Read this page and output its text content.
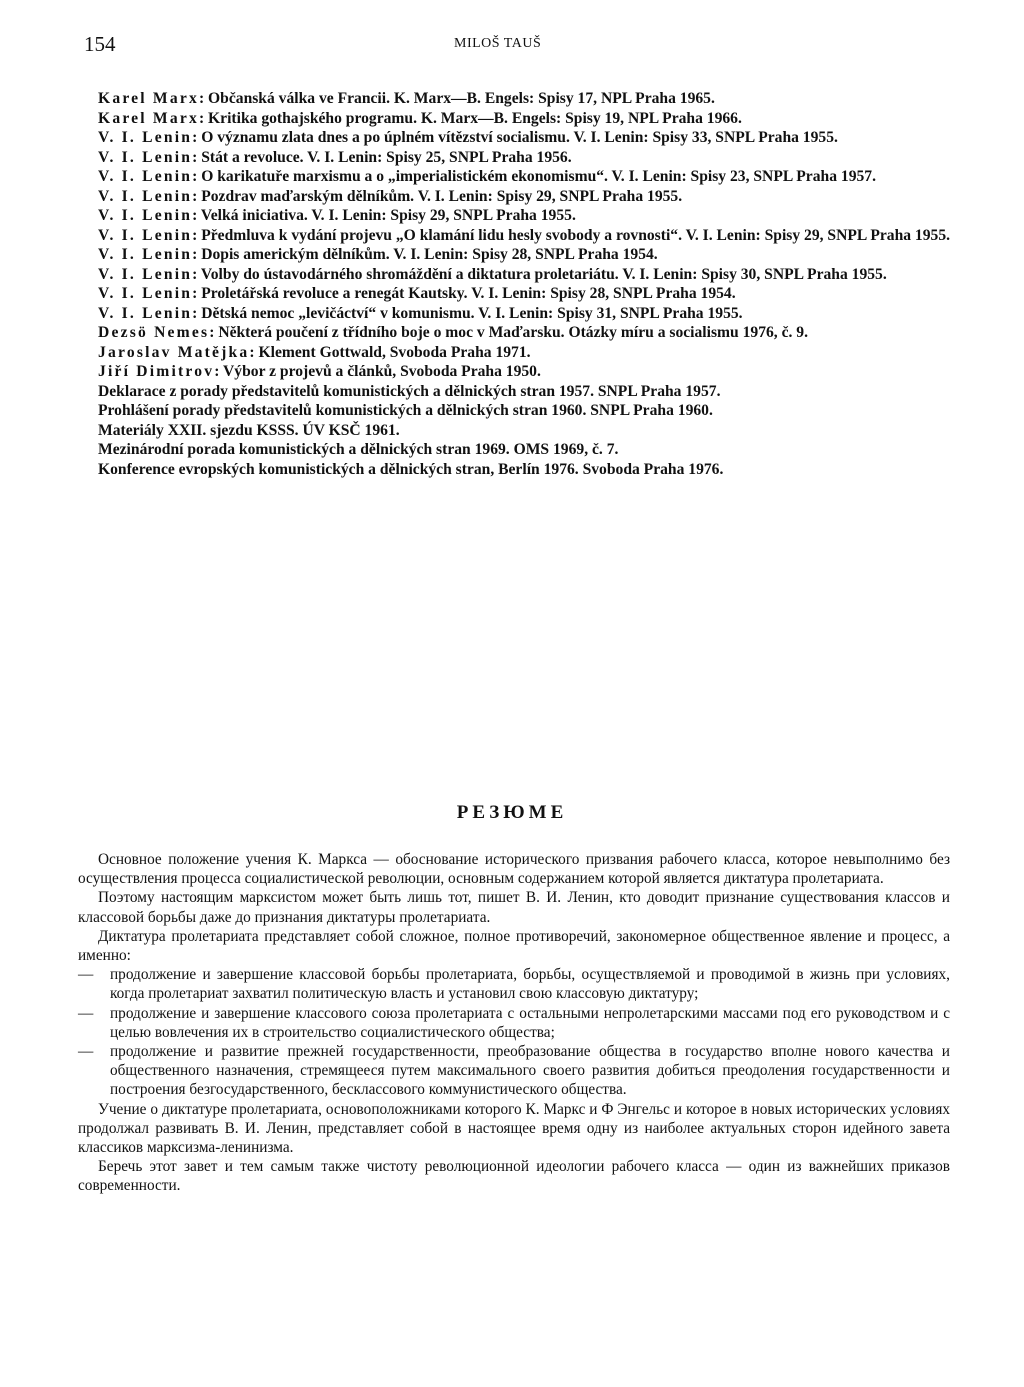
154	MILOŠ TAUŠ

Karel Marx: Občanská válka ve Francii. K. Marx—B. Engels: Spisy 17, NPL Praha 1965.

Karel Marx: Kritika gothajského programu. K. Marx—B. Engels: Spisy 19, NPL Praha 1966.

V. I. Lenin: O významu zlata dnes a po úplném vítězství socialismu. V. I. Lenin: Spisy 33, SNPL Praha 1955.

V. I. Lenin: Stát a revoluce. V. I. Lenin: Spisy 25, SNPL Praha 1956.

V. I. Lenin: O karikatuře marxismu a o „imperialistickém ekonomismu“. V. I. Lenin: Spisy 23, SNPL Praha 1957.

V. I. Lenin: Pozdrav maďarským dělníkům. V. I. Lenin: Spisy 29, SNPL Praha 1955.

V. I. Lenin: Velká iniciativa. V. I. Lenin: Spisy 29, SNPL Praha 1955.

V. I. Lenin: Předmluva k vydání projevu „O klamání lidu hesly svobody a rovnosti“. V. I. Lenin: Spisy 29, SNPL Praha 1955.

V. I. Lenin: Dopis americkým dělníkům. V. I. Lenin: Spisy 28, SNPL Praha 1954.

V. I. Lenin: Volby do ústavodárného shromáždění a diktatura proletariátu. V. I. Lenin: Spisy 30, SNPL Praha 1955.

V. I. Lenin: Proletářská revoluce a renegát Kautsky. V. I. Lenin: Spisy 28, SNPL Praha 1954.

V. I. Lenin: Dětská nemoc „levičáctví“ v komunismu. V. I. Lenin: Spisy 31, SNPL Praha 1955.

Dezsö Nemes: Některá poučení z třídního boje o moc v Maďarsku. Otázky míru a socialismu 1976, č. 9.

Jaroslav Matějka: Klement Gottwald, Svoboda Praha 1971.

Jiří Dimitrov: Výbor z projevů a článků, Svoboda Praha 1950.

Deklarace z porady představitelů komunistických a dělnických stran 1957. SNPL Praha 1957.

Prohlášení porady představitelů komunistických a dělnických stran 1960. SNPL Praha 1960.

Materiály XXII. sjezdu KSSS. ÚV KSČ 1961.

Mezinárodní porada komunistických a dělnických stran 1969. OMS 1969, č. 7.

Konference evropských komunistických a dělnických stran, Berlín 1976. Svoboda Praha 1976.

РЕЗЮМЕ

Основное положение учения К. Маркса — обоснование исторического призвания рабочего класса, которое невыполнимо без осуществления процесса социалистической революции, основным содержанием которой является диктатура пролетариата.

Поэтому настоящим марксистом может быть лишь тот, пишет В. И. Ленин, кто доводит признание существования классов и классовой борьбы даже до признания диктатуры пролетариата.

Диктатура пролетариата представляет собой сложное, полное противоречий, закономерное общественное явление и процесс, а именно:

— продолжение и завершение классовой борьбы пролетариата, борьбы, осуществляемой и проводимой в жизнь при условиях, когда пролетариат захватил политическую власть и установил свою классовую диктатуру;
— продолжение и завершение классового союза пролетариата с остальными непролетарскими массами под его руководством и с целью вовлечения их в строительство социалистического общества;
— продолжение и развитие прежней государственности, преобразование общества в государство вполне нового качества и общественного назначения, стремящееся путем максимального своего развития добиться преодоления государственности и построения безгосударственного, бесклассового коммунистического общества.

Учение о диктатуре пролетариата, основоположниками которого К. Маркс и Ф Энгельс и которое в новых исторических условиях продолжал развивать В. И. Ленин, представляет собой в настоящее время одну из наиболее актуальных сторон идейного завета классиков марксизма-ленинизма.

Беречь этот завет и тем самым также чистоту революционной идеологии рабочего класса — один из важнейших приказов современности.
